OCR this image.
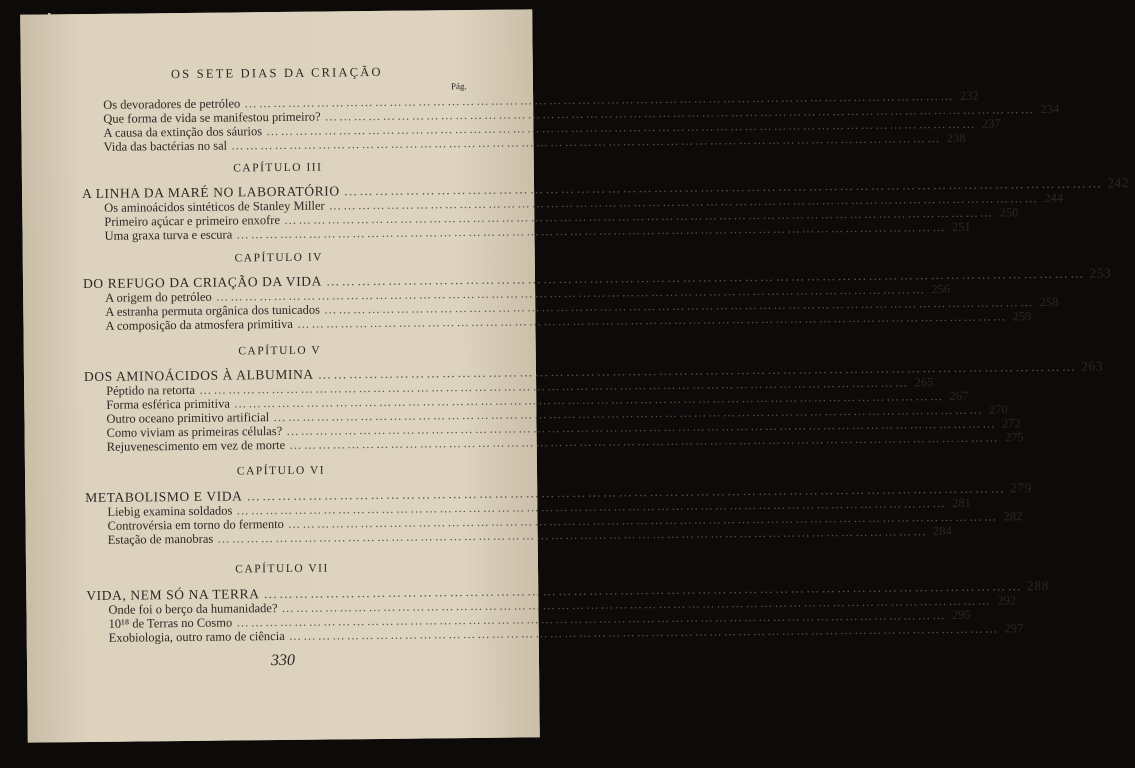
OS SETE DIAS DA CRIAÇÃO
Pág.
Os devoradores de petróleo
…………………………………………………………………………………………………………………………………
232
Que forma de vida se manifestou primeiro?
…………………………………………………………………………………………………………………………………
234
A causa da extinção dos sáurios
…………………………………………………………………………………………………………………………………
237
Vida das bactérias no sal
…………………………………………………………………………………………………………………………………
238
CAPÍTULO III
A LINHA DA MARÉ NO LABORATÓRIO
…………………………………………………………………………………………………………………………………
242
Os aminoácidos sintéticos de Stanley Miller
…………………………………………………………………………………………………………………………………
244
Primeiro açúcar e primeiro enxofre
…………………………………………………………………………………………………………………………………
250
Uma graxa turva e escura
…………………………………………………………………………………………………………………………………
251
CAPÍTULO IV
DO REFUGO DA CRIAÇÃO DA VIDA
…………………………………………………………………………………………………………………………………
253
A origem do petróleo
…………………………………………………………………………………………………………………………………
256
A estranha permuta orgânica dos tunicados
…………………………………………………………………………………………………………………………………
258
A composição da atmosfera primitiva
…………………………………………………………………………………………………………………………………
259
CAPÍTULO V
DOS AMINOÁCIDOS À ALBUMINA
…………………………………………………………………………………………………………………………………
263
Péptido na retorta
…………………………………………………………………………………………………………………………………
265
Forma esférica primitiva
…………………………………………………………………………………………………………………………………
267
Outro oceano primitivo artificial
…………………………………………………………………………………………………………………………………
270
Como viviam as primeiras células?
…………………………………………………………………………………………………………………………………
272
Rejuvenescimento em vez de morte
…………………………………………………………………………………………………………………………………
275
CAPÍTULO VI
METABOLISMO E VIDA
…………………………………………………………………………………………………………………………………
279
Liebig examina soldados
…………………………………………………………………………………………………………………………………
281
Controvérsia em torno do fermento
…………………………………………………………………………………………………………………………………
282
Estação de manobras
…………………………………………………………………………………………………………………………………
284
CAPÍTULO VII
VIDA, NEM SÓ NA TERRA
…………………………………………………………………………………………………………………………………
288
Onde foi o berço da humanidade?
…………………………………………………………………………………………………………………………………
292
10¹⁸ de Terras no Cosmo
…………………………………………………………………………………………………………………………………
295
Exobiologia, outro ramo de ciência
…………………………………………………………………………………………………………………………………
297
330
